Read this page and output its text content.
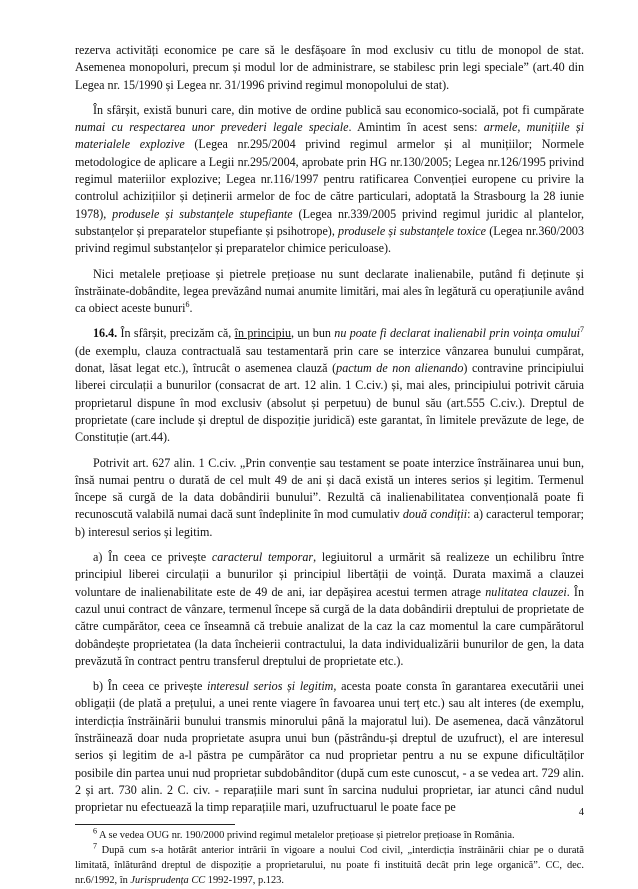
rezerva activități economice pe care să le desfășoare în mod exclusiv cu titlu de monopol de stat. Asemenea monopoluri, precum și modul lor de administrare, se stabilesc prin legi speciale” (art.40 din Legea nr. 15/1990 și Legea nr. 31/1996 privind regimul monopolului de stat).

În sfârșit, există bunuri care, din motive de ordine publică sau economico-socială, pot fi cumpărate numai cu respectarea unor prevederi legale speciale. Amintim în acest sens: armele, munițiile și materialele explozive (Legea nr.295/2004 privind regimul armelor și al munițiilor; Normele metodologice de aplicare a Legii nr.295/2004, aprobate prin HG nr.130/2005; Legea nr.126/1995 privind regimul materiilor explozive; Legea nr.116/1997 pentru ratificarea Convenției europene cu privire la controlul achizițiilor și deținerii armelor de foc de către particulari, adoptată la Strasbourg la 28 iunie 1978), produsele și substanțele stupefiante (Legea nr.339/2005 privind regimul juridic al plantelor, substanțelor și preparatelor stupefiante și psihotrope), produsele și substanțele toxice (Legea nr.360/2003 privind regimul substanțelor și preparatelor chimice periculoase).

Nici metalele prețioase și pietrele prețioase nu sunt declarate inalienabile, putând fi deținute și înstrăinate-dobândite, legea prevăzând numai anumite limitări, mai ales în legătură cu operațiunile având ca obiect aceste bunuri$^6$.

16.4. În sfârșit, precizăm că, în principiu, un bun nu poate fi declarat inalienabil prin voința omului$^7$ (de exemplu, clauza contractuală sau testamentară prin care se interzice vânzarea bunului cumpărat, donat, lăsat legat etc.), întrucât o asemenea clauză (pactum de non alienando) contravine principiului liberei circulații a bunurilor (consacrat de art. 12 alin. 1 C.civ.) și, mai ales, principiului potrivit căruia proprietarul dispune în mod exclusiv (absolut și perpetuu) de bunul său (art.555 C.civ.). Dreptul de proprietate (care include și dreptul de dispoziție juridică) este garantat, în limitele prevăzute de lege, de Constituție (art.44).

Potrivit art. 627 alin. 1 C.civ. „Prin convenție sau testament se poate interzice înstrăinarea unui bun, însă numai pentru o durată de cel mult 49 de ani și dacă există un interes serios și legitim. Termenul începe să curgă de la data dobândirii bunului”. Rezultă că inalienabilitatea convențională poate fi recunoscută valabilă numai dacă sunt îndeplinite în mod cumulativ două condiții: a) caracterul temporar; b) interesul serios și legitim.

a) În ceea ce privește caracterul temporar, legiuitorul a urmărit să realizeze un echilibru între principiul liberei circulații a bunurilor și principiul libertății de voință. Durata maximă a clauzei voluntare de inalienabilitate este de 49 de ani, iar depășirea acestui termen atrage nulitatea clauzei. În cazul unui contract de vânzare, termenul începe să curgă de la data dobândirii dreptului de proprietate de către cumpărător, ceea ce înseamnă că trebuie analizat de la caz la caz momentul la care cumpărătorul dobândește proprietatea (la data încheierii contractului, la data individualizării bunurilor de gen, la data prevăzută în contract pentru transferul dreptului de proprietate etc.).

b) În ceea ce privește interesul serios și legitim, acesta poate consta în garantarea executării unei obligații (de plată a prețului, a unei rente viagere în favoarea unui terț etc.) sau alt interes (de exemplu, interdicția înstrăinării bunului transmis minorului până la majoratul lui). De asemenea, dacă vânzătorul înstrăinează doar nuda proprietate asupra unui bun (păstrându-și dreptul de uzufruct), el are interesul serios și legitim de a-l păstra pe cumpărător ca nud proprietar pentru a nu se expune dificultăților posibile din partea unui nud proprietar subdobânditor (după cum este cunoscut, - a se vedea art. 729 alin. 2 și art. 730 alin. 2 C. civ. - reparațiile mari sunt în sarcina nudului proprietar, iar atunci când nudul proprietar nu efectuează la timp reparațiile mari, uzufructuarul le poate face pe

$^6$ A se vedea OUG nr. 190/2000 privind regimul metalelor prețioase și pietrelor prețioase în România.

$^7$ După cum s-a hotărât anterior intrării în vigoare a noului Cod civil, „interdicția înstrăinării chiar pe o durată limitată, înlăturând dreptul de dispoziție a proprietarului, nu poate fi instituită decât prin lege organică”. CC, dec. nr.6/1992, în Jurisprudența CC 1992-1997, p.123.

4
